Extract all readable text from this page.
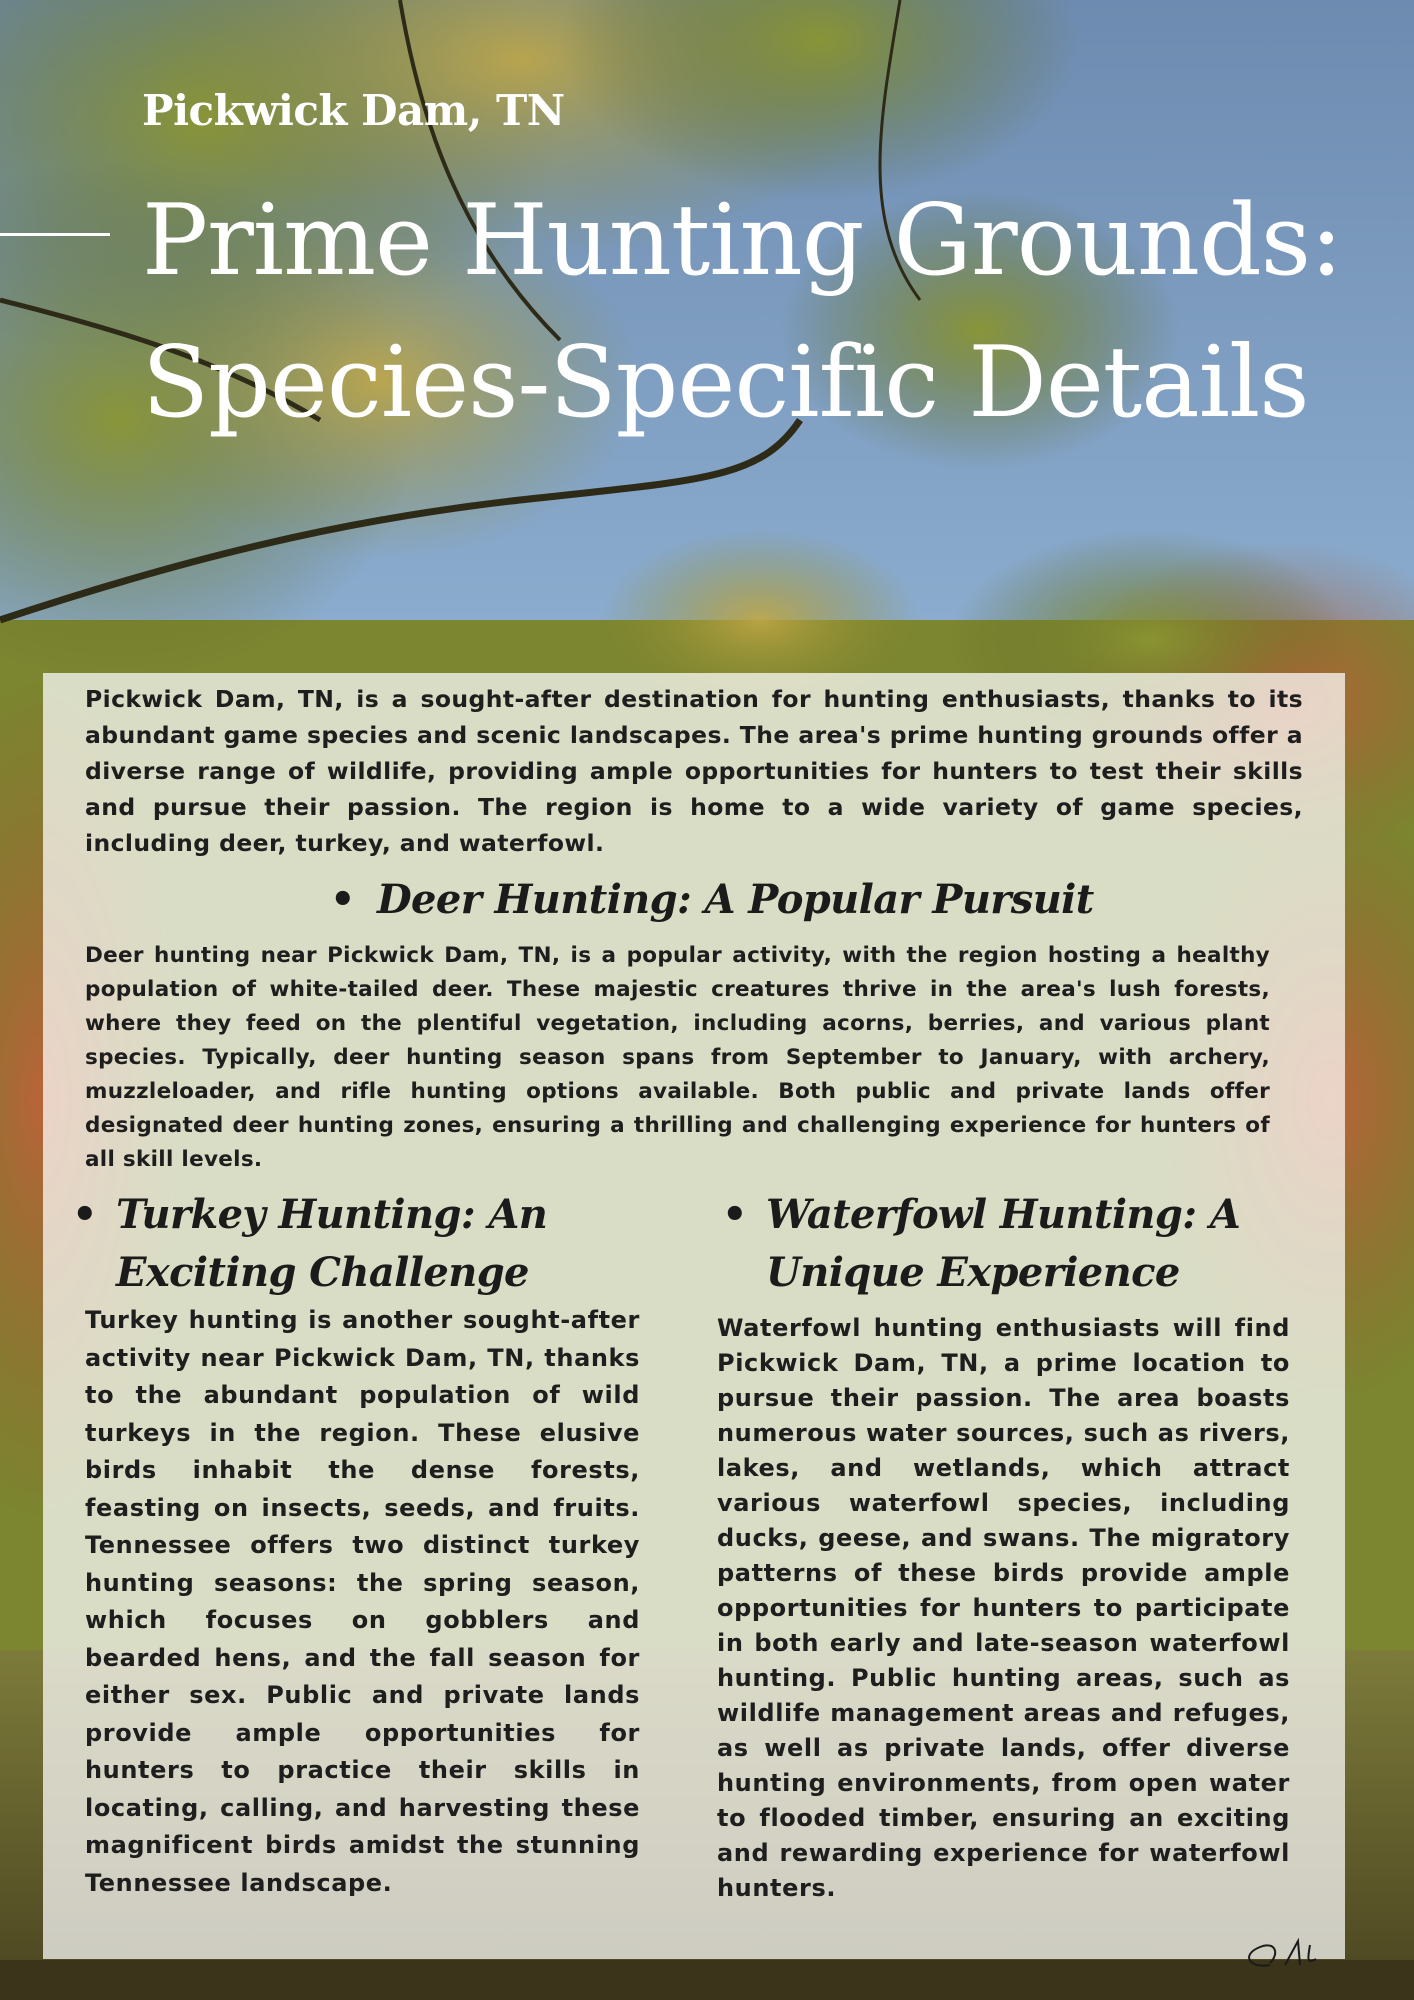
Pickwick Dam, TN
Prime Hunting Grounds: Species-Specific Details

Pickwick Dam, TN, is a sought-after destination for hunting enthusiasts, thanks to its abundant game species and scenic landscapes. The area's prime hunting grounds offer a diverse range of wildlife, providing ample opportunities for hunters to test their skills and pursue their passion. The region is home to a wide variety of game species, including deer, turkey, and waterfowl.

• Deer Hunting: A Popular Pursuit

Deer hunting near Pickwick Dam, TN, is a popular activity, with the region hosting a healthy population of white-tailed deer. These majestic creatures thrive in the area's lush forests, where they feed on the plentiful vegetation, including acorns, berries, and various plant species. Typically, deer hunting season spans from September to January, with archery, muzzleloader, and rifle hunting options available. Both public and private lands offer designated deer hunting zones, ensuring a thrilling and challenging experience for hunters of all skill levels.

• Turkey Hunting: An Exciting Challenge

Turkey hunting is another sought-after activity near Pickwick Dam, TN, thanks to the abundant population of wild turkeys in the region. These elusive birds inhabit the dense forests, feasting on insects, seeds, and fruits. Tennessee offers two distinct turkey hunting seasons: the spring season, which focuses on gobblers and bearded hens, and the fall season for either sex. Public and private lands provide ample opportunities for hunters to practice their skills in locating, calling, and harvesting these magnificent birds amidst the stunning Tennessee landscape.

• Waterfowl Hunting: A Unique Experience

Waterfowl hunting enthusiasts will find Pickwick Dam, TN, a prime location to pursue their passion. The area boasts numerous water sources, such as rivers, lakes, and wetlands, which attract various waterfowl species, including ducks, geese, and swans. The migratory patterns of these birds provide ample opportunities for hunters to participate in both early and late-season waterfowl hunting. Public hunting areas, such as wildlife management areas and refuges, as well as private lands, offer diverse hunting environments, from open water to flooded timber, ensuring an exciting and rewarding experience for waterfowl hunters.
